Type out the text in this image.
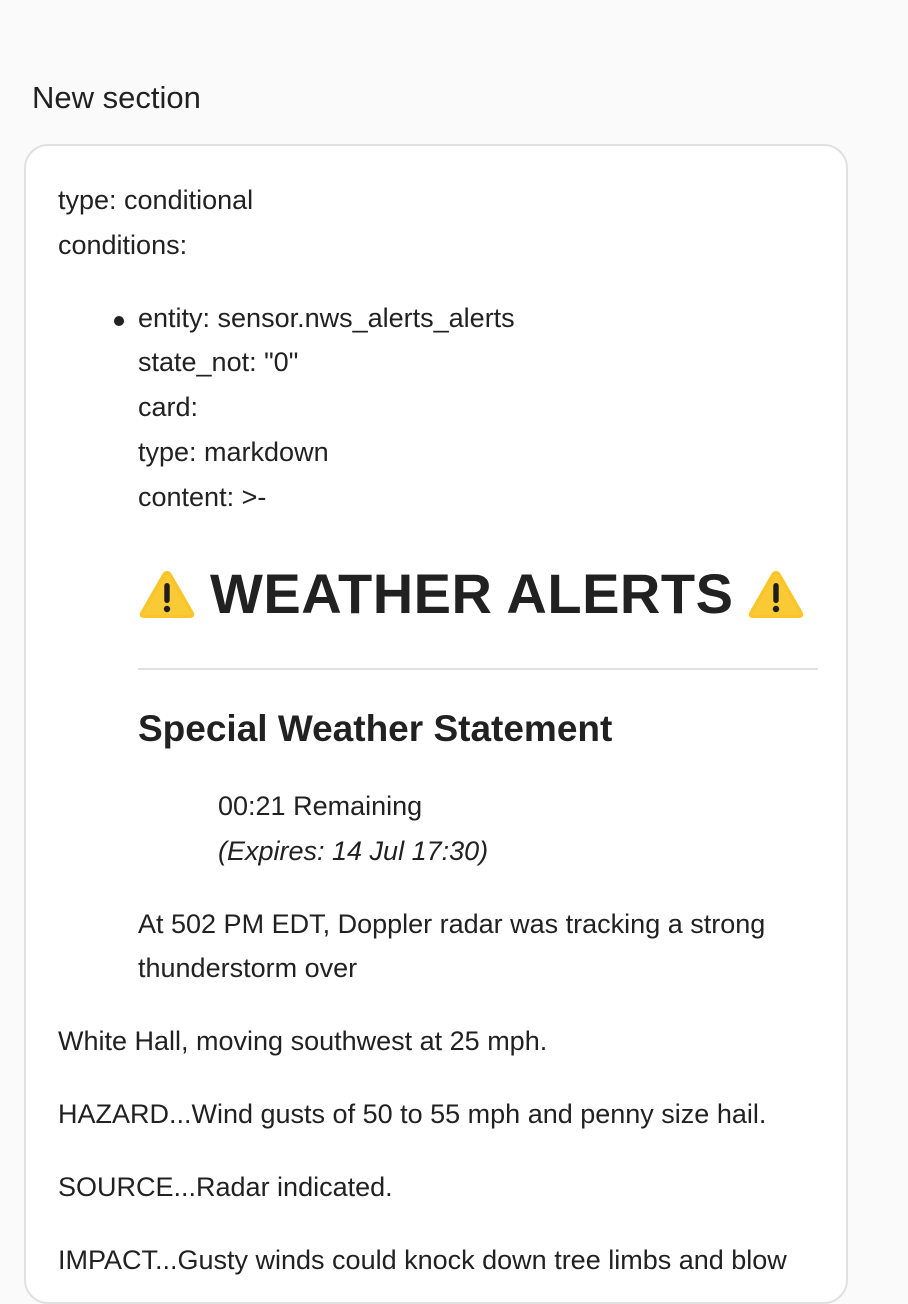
New section

type: conditional

conditions:

entity: sensor.nws_alerts_alerts

state_not: "0"

card:

type: markdown

content: >-

WEATHER ALERTS
Special Weather Statement

00:21 Remaining

(Expires: 14 Jul 17:30)

At 502 PM EDT, Doppler radar was tracking a strong

thunderstorm over

White Hall, moving southwest at 25 mph.

HAZARD...Wind gusts of 50 to 55 mph and penny size hail.

SOURCE...Radar indicated.

IMPACT...Gusty winds could knock down tree limbs and blow
